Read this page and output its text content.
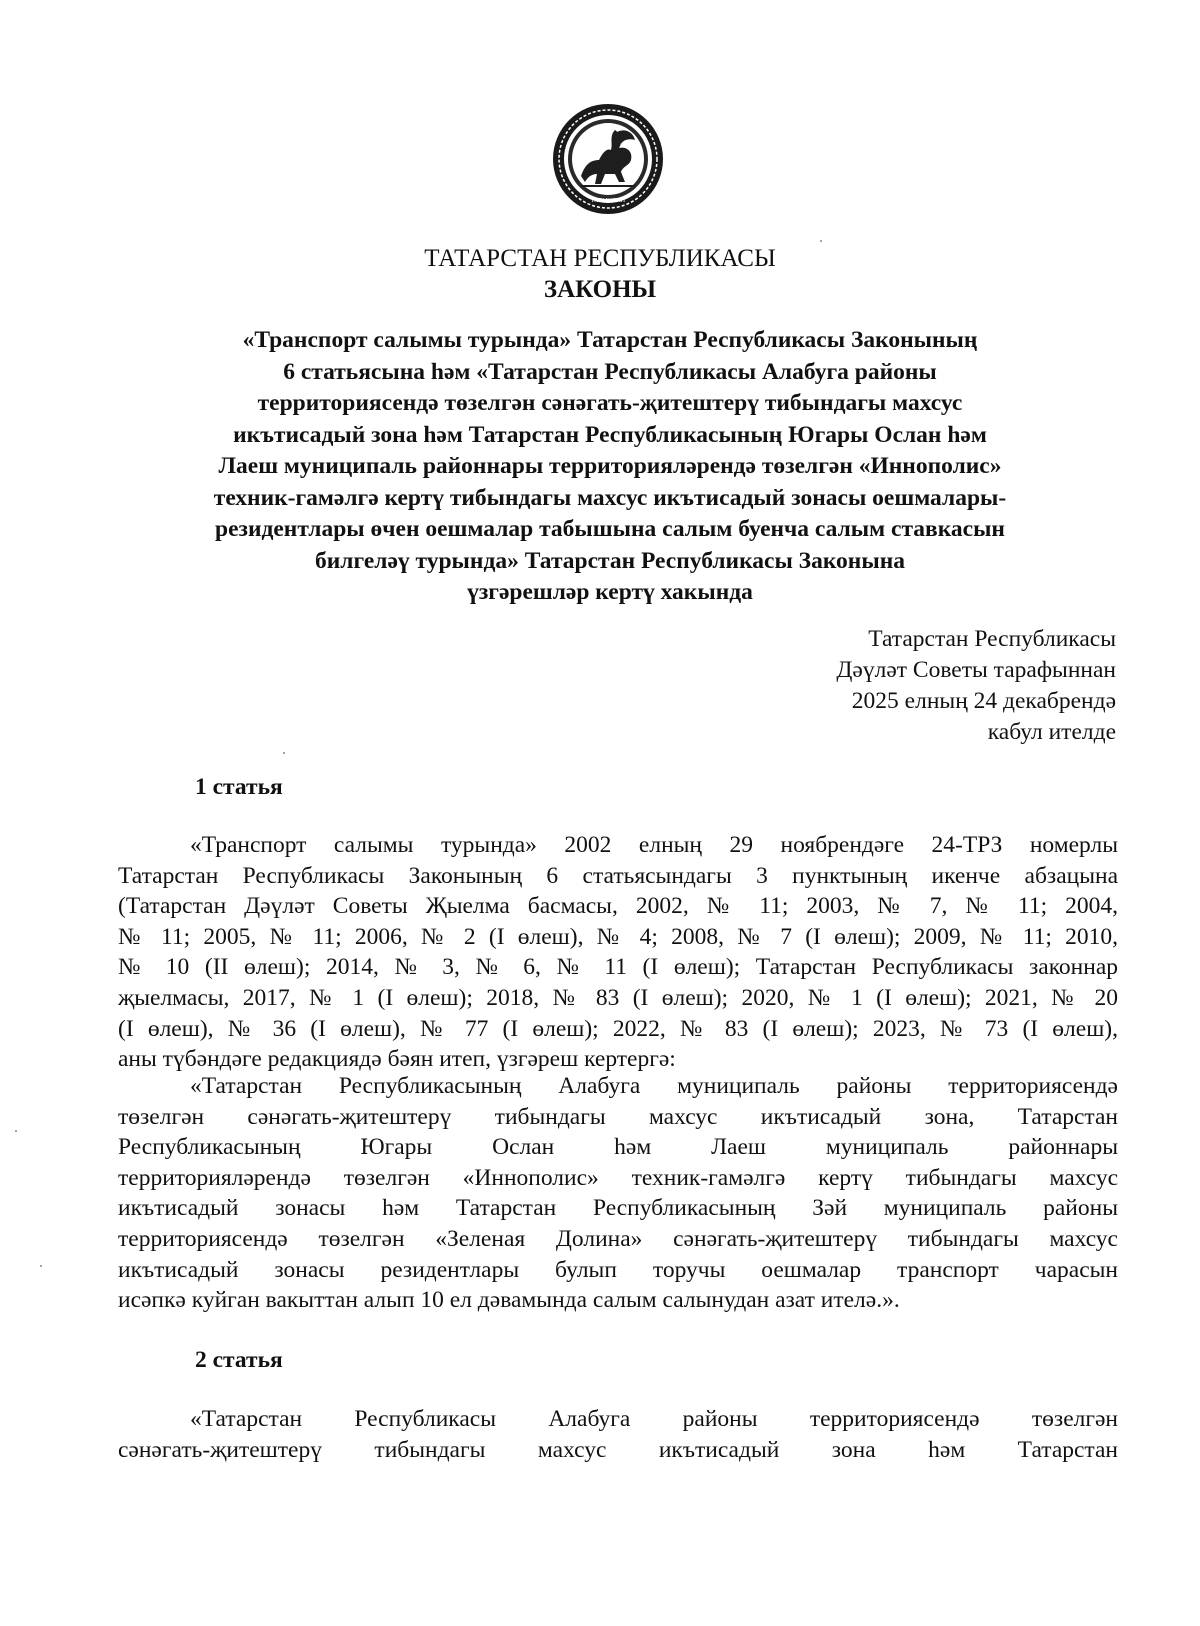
ТАТАРСТАН
ТАТАРСТАН РЕСПУБЛИКАСЫ
ЗАКОНЫ
«Транспорт салымы турында» Татарстан Республикасы Законының
6 статьясына һәм «Татарстан Республикасы Алабуга районы
территориясендә төзелгән сәнәгать-җитештерү тибындагы махсус
икътисадый зона һәм Татарстан Республикасының Югары Ослан һәм
Лаеш муниципаль районнары территорияләрендә төзелгән «Иннополис»
техник-гамәлгә кертү тибындагы махсус икътисадый зонасы оешмалары-
резидентлары өчен оешмалар табышына салым буенча салым ставкасын
билгеләү турында» Татарстан Республикасы Законына
үзгәрешләр кертү хакында
Татарстан Республикасы
Дәүләт Советы тарафыннан
2025 елның 24 декабрендә
кабул ителде
1 статья
«Транспорт салымы турында» 2002 елның 29 ноябрендәге 24-ТРЗ номерлы
Татарстан Республикасы Законының 6 статьясындагы 3 пунктының икенче абзацына
(Татарстан Дәүләт Советы Җыелма басмасы, 2002, № 11; 2003, № 7, № 11; 2004,
№ 11; 2005, № 11; 2006, № 2 (I өлеш), № 4; 2008, № 7 (I өлеш); 2009, № 11; 2010,
№ 10 (II өлеш); 2014, № 3, № 6, № 11 (I өлеш); Татарстан Республикасы законнар
җыелмасы, 2017, № 1 (I өлеш); 2018, № 83 (I өлеш); 2020, № 1 (I өлеш); 2021, № 20
(I өлеш), № 36 (I өлеш), № 77 (I өлеш); 2022, № 83 (I өлеш); 2023, № 73 (I өлеш),
аны түбәндәге редакциядә бәян итеп, үзгәреш кертергә:
«Татарстан Республикасының Алабуга муниципаль районы территориясендә
төзелгән сәнәгать-җитештерү тибындагы махсус икътисадый зона, Татарстан
Республикасының Югары Ослан һәм Лаеш муниципаль районнары
территорияләрендә төзелгән «Иннополис» техник-гамәлгә кертү тибындагы махсус
икътисадый зонасы һәм Татарстан Республикасының Зәй муниципаль районы
территориясендә төзелгән «Зеленая Долина» сәнәгать-җитештерү тибындагы махсус
икътисадый зонасы резидентлары булып торучы оешмалар транспорт чарасын
исәпкә куйган вакыттан алып 10 ел дәвамында салым салынудан азат ителә.».
2 статья
«Татарстан Республикасы Алабуга районы территориясендә төзелгән
сәнәгать-җитештерү тибындагы махсус икътисадый зона һәм Татарстан
